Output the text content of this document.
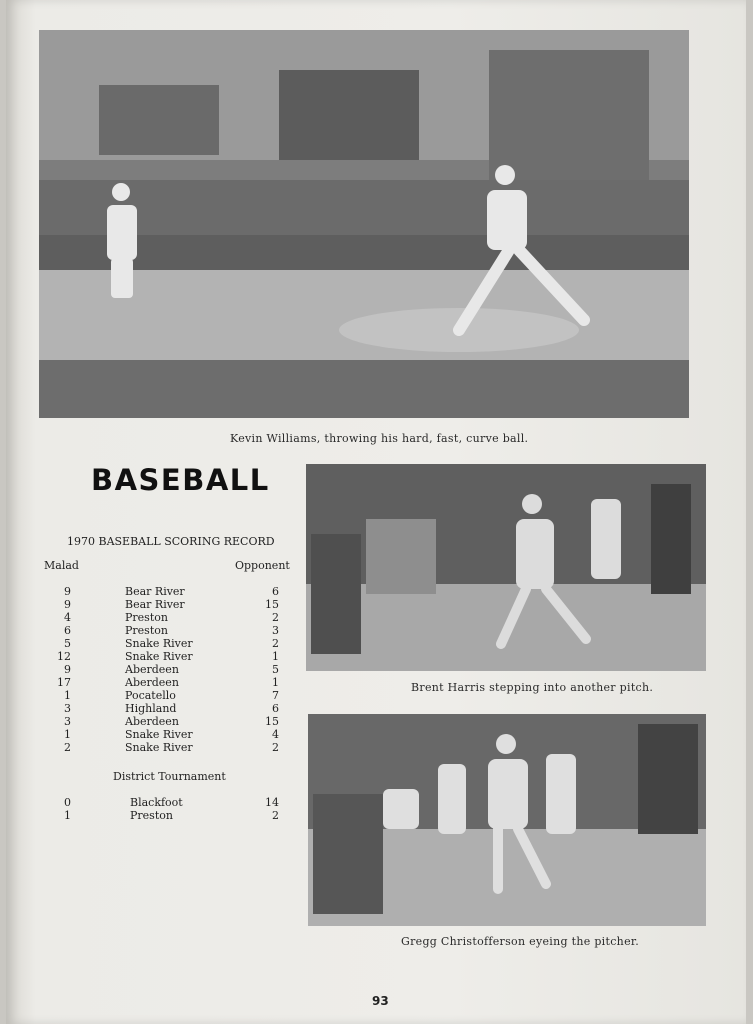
Kevin Williams, throwing his hard, fast, curve ball.
BASEBALL
1970 BASEBALL SCORING RECORD
Malad	Opponent
9	Bear River	6
9	Bear River	15
4	Preston	2
6	Preston	3
5	Snake River	2
12	Snake River	1
9	Aberdeen	5
17	Aberdeen	1
1	Pocatello	7
3	Highland	6
3	Aberdeen	15
1	Snake River	4
2	Snake River	2
District Tournament
0	Blackfoot	14
1	Preston	2
Brent Harris stepping into another pitch.
Gregg Christofferson eyeing the pitcher.
93
